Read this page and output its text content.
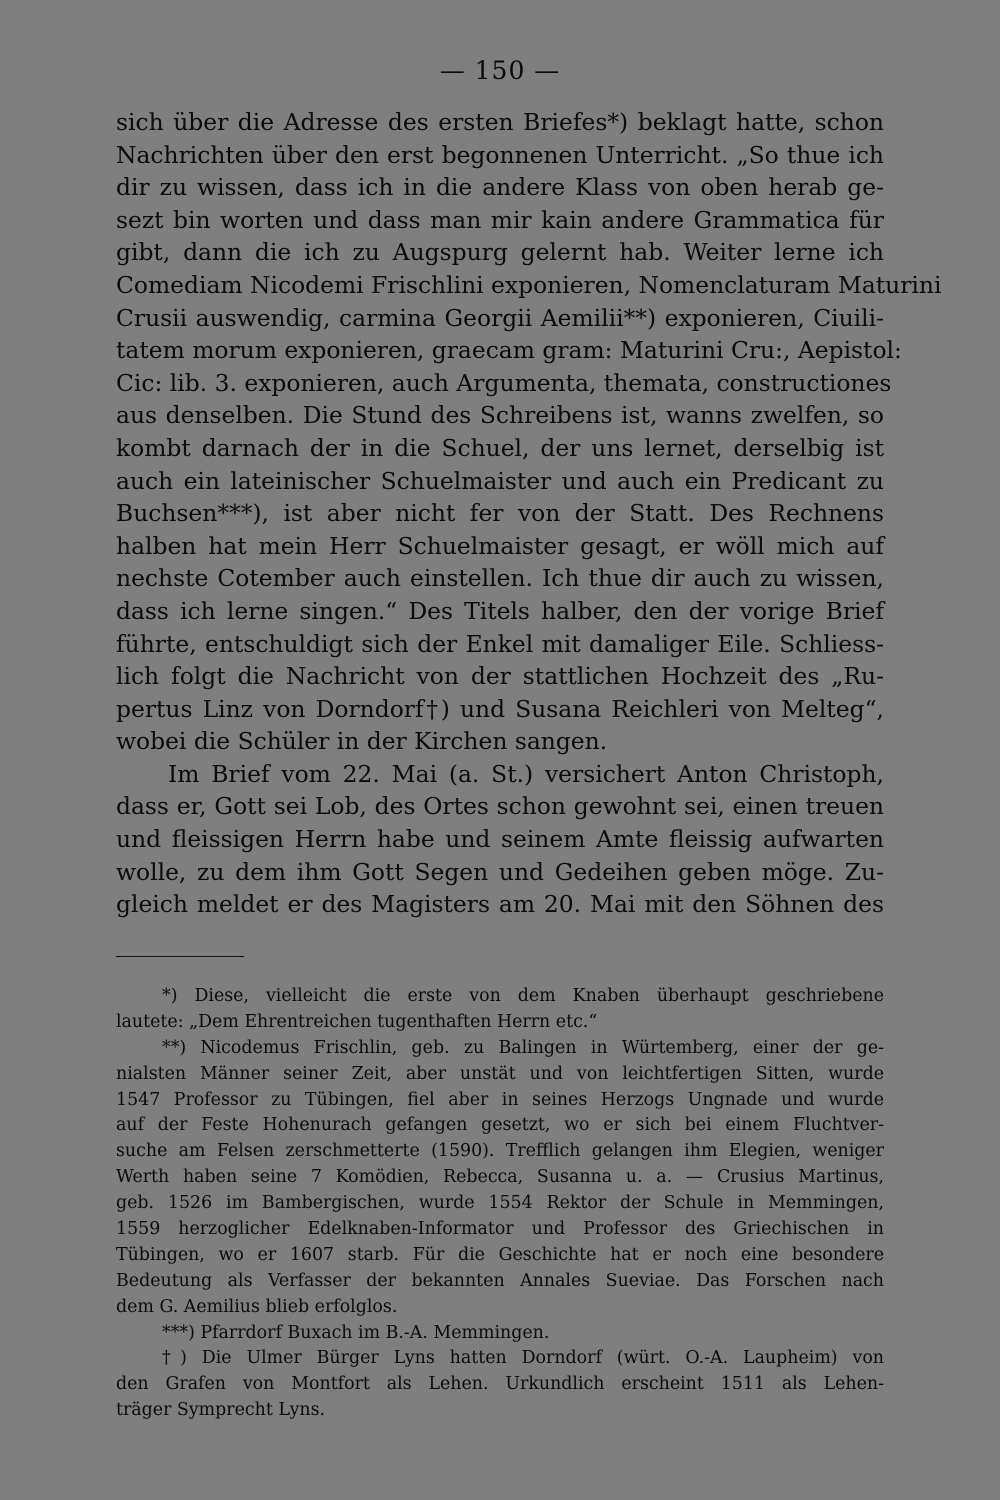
— 150 —
sich über die Adresse des ersten Briefes*) beklagt hatte, schon
Nachrichten über den erst begonnenen Unterricht. „So thue ich
dir zu wissen, dass ich in die andere Klass von oben herab ge-
sezt bin worten und dass man mir kain andere Grammatica für
gibt, dann die ich zu Augspurg gelernt hab. Weiter lerne ich
Comediam Nicodemi Frischlini exponieren, Nomenclaturam Maturini
Crusii auswendig, carmina Georgii Aemilii**) exponieren, Ciuili-
tatem morum exponieren, graecam gram: Maturini Cru:, Aepistol:
Cic: lib. 3. exponieren, auch Argumenta, themata, constructiones
aus denselben. Die Stund des Schreibens ist, wanns zwelfen, so
kombt darnach der in die Schuel, der uns lernet, derselbig ist
auch ein lateinischer Schuelmaister und auch ein Predicant zu
Buchsen***), ist aber nicht fer von der Statt. Des Rechnens
halben hat mein Herr Schuelmaister gesagt, er wöll mich auf
nechste Cotember auch einstellen. Ich thue dir auch zu wissen,
dass ich lerne singen.“ Des Titels halber, den der vorige Brief
führte, entschuldigt sich der Enkel mit damaliger Eile. Schliess-
lich folgt die Nachricht von der stattlichen Hochzeit des „Ru-
pertus Linz von Dorndorf†) und Susana Reichleri von Melteg“,
wobei die Schüler in der Kirchen sangen.
Im Brief vom 22. Mai (a. St.) versichert Anton Christoph,
dass er, Gott sei Lob, des Ortes schon gewohnt sei, einen treuen
und fleissigen Herrn habe und seinem Amte fleissig aufwarten
wolle, zu dem ihm Gott Segen und Gedeihen geben möge. Zu-
gleich meldet er des Magisters am 20. Mai mit den Söhnen des
*) Diese, vielleicht die erste von dem Knaben überhaupt geschriebene
lautete: „Dem Ehrentreichen tugenthaften Herrn etc.“
**) Nicodemus Frischlin, geb. zu Balingen in Würtemberg, einer der ge-
nialsten Männer seiner Zeit, aber unstät und von leichtfertigen Sitten, wurde
1547 Professor zu Tübingen, fiel aber in seines Herzogs Ungnade und wurde
auf der Feste Hohenurach gefangen gesetzt, wo er sich bei einem Fluchtver-
suche am Felsen zerschmetterte (1590). Trefflich gelangen ihm Elegien, weniger
Werth haben seine 7 Komödien, Rebecca, Susanna u. a. — Crusius Martinus,
geb. 1526 im Bambergischen, wurde 1554 Rektor der Schule in Memmingen,
1559 herzoglicher Edelknaben-Informator und Professor des Griechischen in
Tübingen, wo er 1607 starb. Für die Geschichte hat er noch eine besondere
Bedeutung als Verfasser der bekannten Annales Sueviae. Das Forschen nach
dem G. Aemilius blieb erfolglos.
***) Pfarrdorf Buxach im B.-A. Memmingen.
†) Die Ulmer Bürger Lyns hatten Dorndorf (würt. O.-A. Laupheim) von
den Grafen von Montfort als Lehen. Urkundlich erscheint 1511 als Lehen-
träger Symprecht Lyns.
